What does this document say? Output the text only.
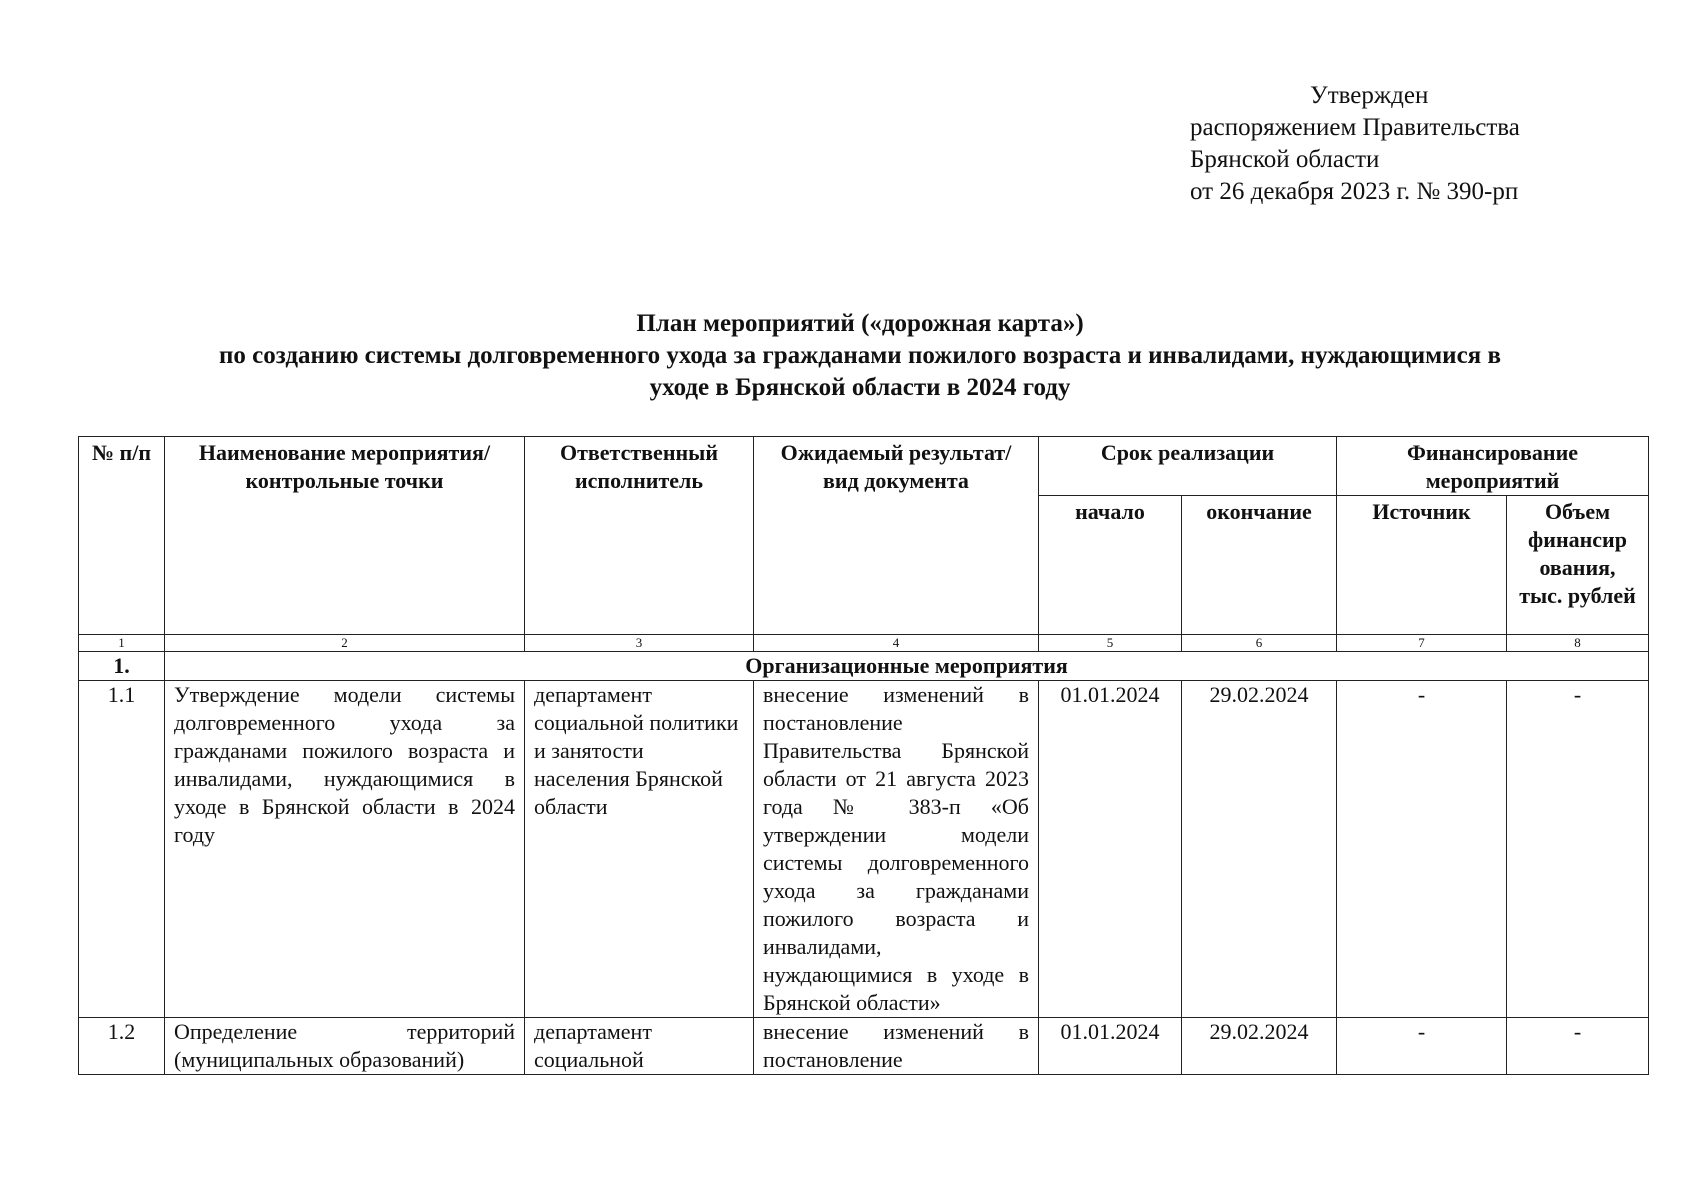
Утвержден
распоряжением Правительства
Брянской области
от 26 декабря 2023 г. № 390-рп
План мероприятий («дорожная карта»)
по созданию системы долговременного ухода за гражданами пожилого возраста и инвалидами, нуждающимися в
уходе в Брянской области в 2024 году
№ п/п	Наименование мероприятия/ контрольные точки	Ответственный исполнитель	Ожидаемый результат/вид документа	Срок реализации		Финансирование мероприятий	
				начало	окончание	Источник	Объем финансир ования, тыс. рублей
1	2	3	4	5	6	7	8
1.	Организационные мероприятия						
1.1	Утверждение модели системы долговременного ухода за гражданами пожилого возраста и инвалидами, нуждающимися в уходе в Брянской области в 2024 году	департамент социальной политики и занятости населения Брянской области	внесение изменений в постановление Правительства Брянской области от 21 августа 2023 года № 383-п «Об утверждении модели системы долговременного ухода за гражданами пожилого возраста и инвалидами, нуждающимися в уходе в Брянской области»	01.01.2024	29.02.2024	-	-
1.2	Определение территорий (муниципальных образований)	департамент социальной	внесение изменений в постановление	01.01.2024	29.02.2024	-	-
